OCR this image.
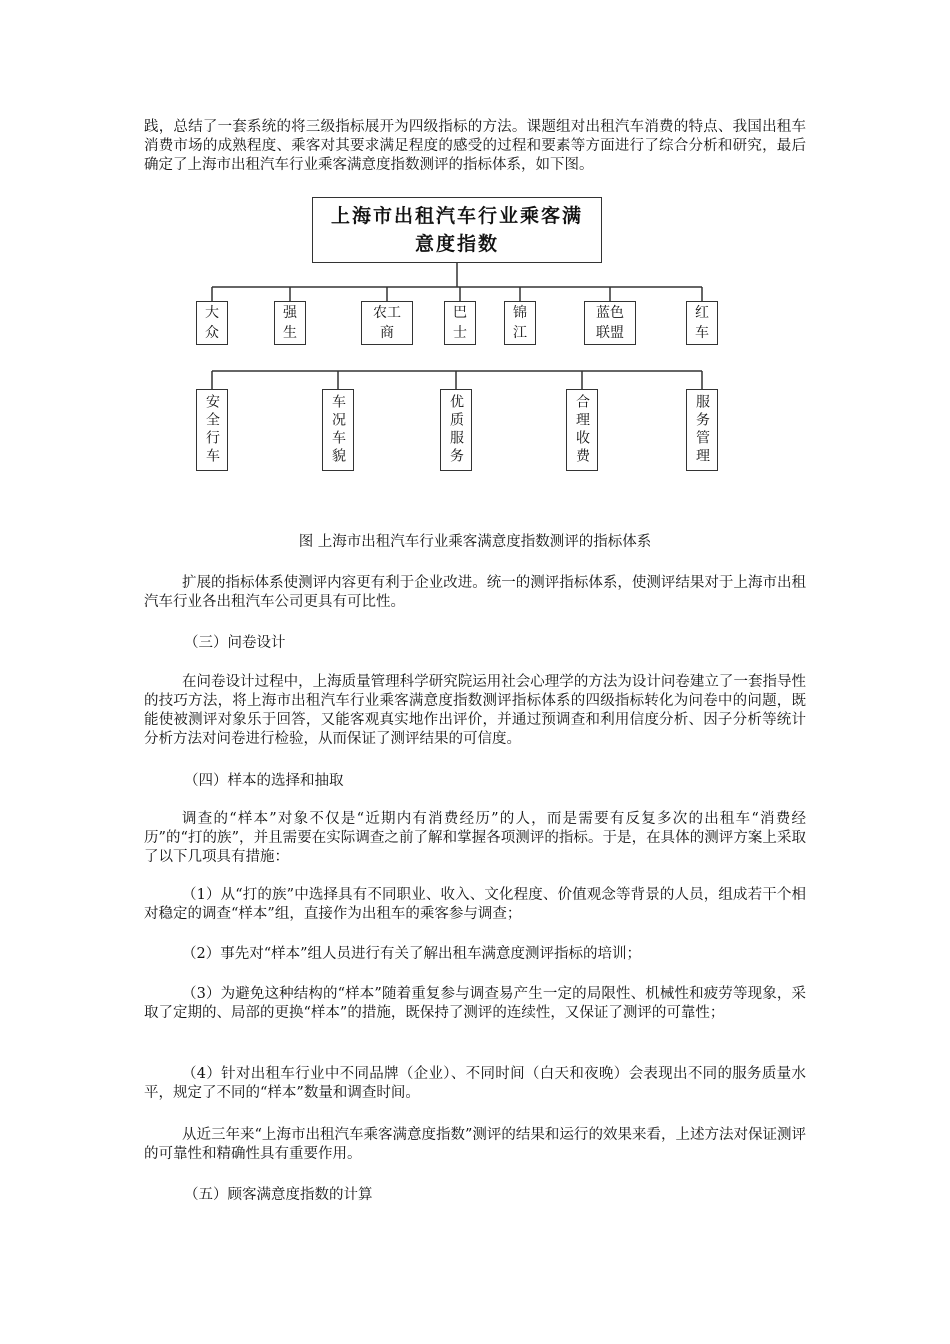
践，总结了一套系统的将三级指标展开为四级指标的方法。课题组对出租汽车消费的特点、我国出租车消费市场的成熟程度、乘客对其要求满足程度的感受的过程和要素等方面进行了综合分析和研究，最后确定了上海市出租汽车行业乘客满意度指数测评的指标体系，如下图。

上海市出租汽车行业乘客满意度指数
大众
强生
农工商
巴士
锦江
蓝色联盟
红车
安全行车	车况车貌	优质服务	合理收费	服务管理
图 上海市出租汽车行业乘客满意度指数测评的指标体系

扩展的指标体系使测评内容更有利于企业改进。统一的测评指标体系，使测评结果对于上海市出租汽车行业各出租汽车公司更具有可比性。

（三）问卷设计

在问卷设计过程中，上海质量管理科学研究院运用社会心理学的方法为设计问卷建立了一套指导性的技巧方法，将上海市出租汽车行业乘客满意度指数测评指标体系的四级指标转化为问卷中的问题，既能使被测评对象乐于回答，又能客观真实地作出评价，并通过预调查和利用信度分析、因子分析等统计分析方法对问卷进行检验，从而保证了测评结果的可信度。

（四）样本的选择和抽取

调查的“样本”对象不仅是“近期内有消费经历”的人，而是需要有反复多次的出租车“消费经历”的“打的族”，并且需要在实际调查之前了解和掌握各项测评的指标。于是，在具体的测评方案上采取了以下几项具有措施：

（1）从“打的族”中选择具有不同职业、收入、文化程度、价值观念等背景的人员，组成若干个相对稳定的调查“样本”组，直接作为出租车的乘客参与调查；

（2）事先对“样本”组人员进行有关了解出租车满意度测评指标的培训；

（3）为避免这种结构的“样本”随着重复参与调查易产生一定的局限性、机械性和疲劳等现象，采取了定期的、局部的更换“样本”的措施，既保持了测评的连续性，又保证了测评的可靠性；

（4）针对出租车行业中不同品牌（企业）、不同时间（白天和夜晚）会表现出不同的服务质量水平，规定了不同的“样本”数量和调查时间。

从近三年来“上海市出租汽车乘客满意度指数”测评的结果和运行的效果来看，上述方法对保证测评的可靠性和精确性具有重要作用。

（五）顾客满意度指数的计算
